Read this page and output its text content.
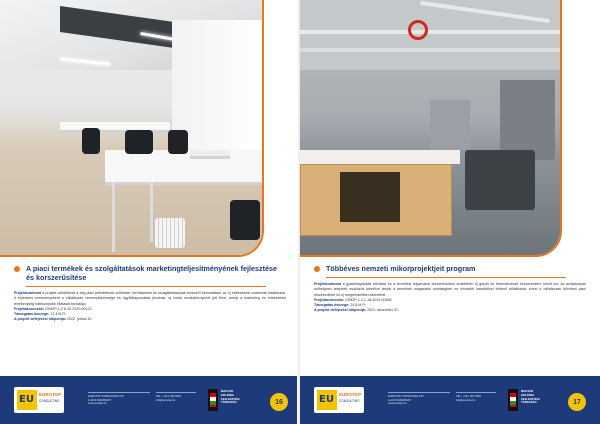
A piaci termékek és szolgáltatások marketingteljesítményének fejlesztése és korszerűsítése
Projektcsatorna a projekt célkitűzése a cég piaci jelenlétének erősítése, termékeinek és szolgáltatásainak korszerű bemutatása, az új értékesítési csatornák kialakítása. A fejlesztés eredményeként a vállalkozás versenyképessége és ügyfélkapcsolatai javulnak, új irodai munkakörnyezet jött létre, amely a marketing és értékesítési tevékenység hatékonyabb ellátását biztosítja.
Projektazonosító: GINOP-1.2.8-20-2020-00123
Támogatás összege: 12,4 M Ft
A projekt befejezési időpontja: 2022. június 30.
EU EUROTOP
CONSULTING
EUROTOP CONSULTING KFT.
H-1131 BUDAPEST
www.eurotop.hu
TEL.: +36 1 000 0000
info@eurotop.hu
MAGYAR
HOLDING
FEJLESZTÉSI
TÁRSASÁG	16
Többéves nemzeti mikorprojektjeit program
Projektcsatorna a gyártókapacitás bővítése és a termelési folyamatok korszerűsítése érdekében új gépek és berendezések beszerzésére került sor. Az asztalosipari műhelyben telepített eszközök lehetővé teszik a termékek magasabb minőségben és rövidebb határidővel történő előállítását, ezzel a vállalkozás bővítheti piaci részesedését és új megrendelőket szerezhet.
Projektazonosító: GINOP-1.2.1-18-2019-00456
Támogatás összege: 24,8 M Ft
A projekt befejezési időpontja: 2021. december 31.
EU EUROTOP
CONSULTING
EUROTOP CONSULTING KFT.
H-1131 BUDAPEST
www.eurotop.hu
TEL.: +36 1 000 0000
info@eurotop.hu
MAGYAR
HOLDING
FEJLESZTÉSI
TÁRSASÁG	17
